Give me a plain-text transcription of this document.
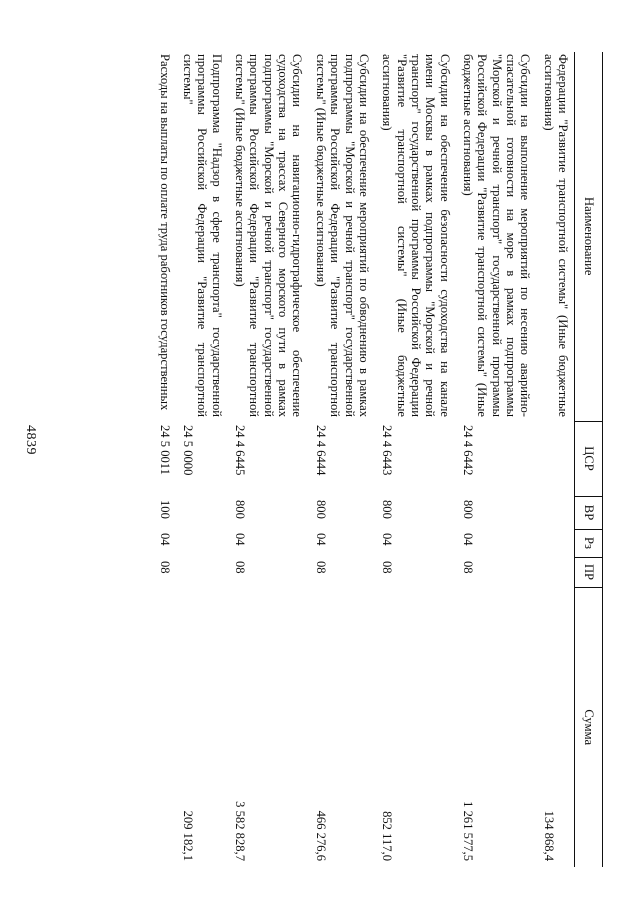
4839
Наименование	ЦСР	ВР	Рз	ПР	Сумма
Федерации "Развитие транспортной системы" (Иные бюджетные ассигнования)					134 868,4
Субсидии на выполнение мероприятий по несению аварийно-спасательной готовности на море в рамках подпрограммы "Морской и речной транспорт" государственной программы Российской Федерации "Развитие транспортной системы" (Иные бюджетные ассигнования)	24 4 6442	800	04	08	1 261 577,5
Субсидии на обеспечение безопасности судоходства на канале имени Москвы в рамках подпрограммы "Морской и речной транспорт" государственной программы Российской Федерации "Развитие транспортной системы" (Иные бюджетные ассигнования)	24 4 6443	800	04	08	852 117,0
Субсидии на обеспечение мероприятий по обводнению в рамках подпрограммы "Морской и речной транспорт" государственной программы Российской Федерации "Развитие транспортной системы" (Иные бюджетные ассигнования)	24 4 6444	800	04	08	466 276,6
Субсидии на навигационно-гидрографическое обеспечение судоходства на трассах Северного морского пути в рамках подпрограммы "Морской и речной транспорт" государственной программы Российской Федерации "Развитие транспортной системы" (Иные бюджетные ассигнования)	24 4 6445	800	04	08	3 582 828,7
Подпрограмма "Надзор в сфере транспорта" государственной программы Российской Федерации "Развитие транспортной системы"	24 5 0000				209 182,1
Расходы на выплаты по оплате труда работников государственных	24 5 0011	100	04	08	
